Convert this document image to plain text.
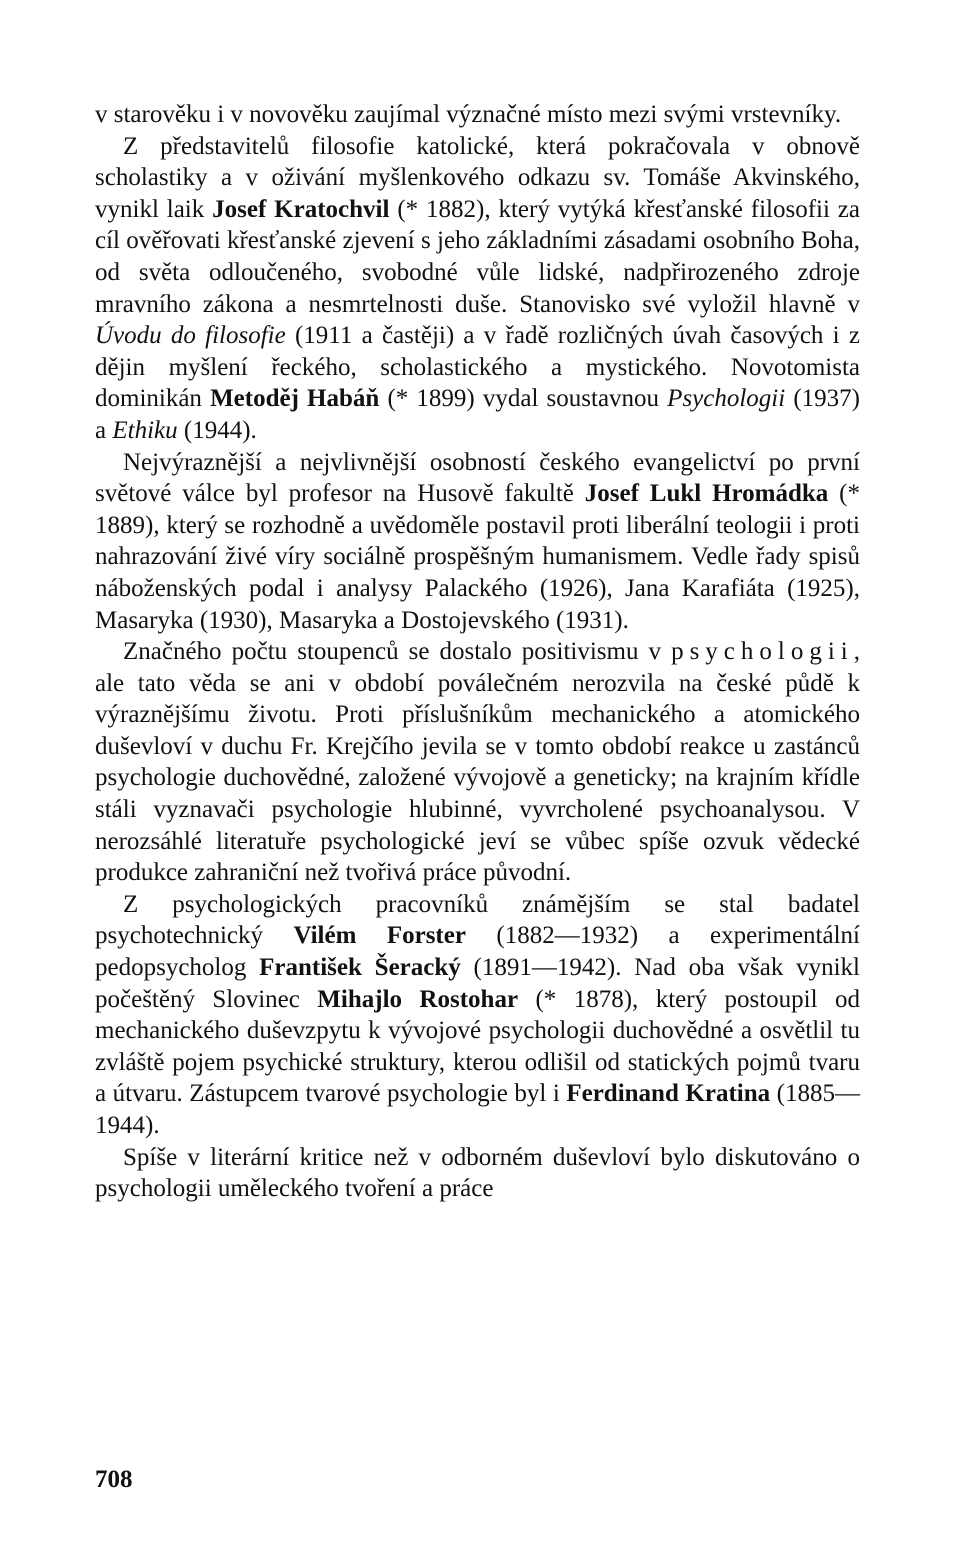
v starověku i v novověku zaujímal význačné místo mezi svými vrstevníky.

Z představitelů filosofie katolické, která pokračovala v obnově scholastiky a v oživání myšlenkového odkazu sv. Tomáše Akvinského, vynikl laik Josef Kratochvil (* 1882), který vytýká křesťanské filosofii za cíl ověřovati křesťanské zjevení s jeho základními zásadami osobního Boha, od světa odloučeného, svobodné vůle lidské, nadpřirozeného zdroje mravního zákona a nesmrtelnosti duše. Stanovisko své vyložil hlavně v Úvodu do filosofie (1911 a častěji) a v řadě rozličných úvah časových i z dějin myšlení řeckého, scholastického a mystického. Novotomista dominikán Metoděj Habáň (* 1899) vydal soustavnou Psychologii (1937) a Ethiku (1944).

Nejvýraznější a nejvlivnější osobností českého evangelictví po první světové válce byl profesor na Husově fakultě Josef Lukl Hromádka (* 1889), který se rozhodně a uvědoměle postavil proti liberální teologii i proti nahrazování živé víry sociálně prospěšným humanismem. Vedle řady spisů náboženských podal i analysy Palackého (1926), Jana Karafiáta (1925), Masaryka (1930), Masaryka a Dostojevského (1931).

Značného počtu stoupenců se dostalo positivismu v psychologii, ale tato věda se ani v období poválečném nerozvila na české půdě k výraznějšímu životu. Proti příslušníkům mechanického a atomického duševloví v duchu Fr. Krejčího jevila se v tomto období reakce u zastánců psychologie duchovědné, založené vývojově a geneticky; na krajním křídle stáli vyznavači psychologie hlubinné, vyvrcholené psychoanalysou. V nerozsáhlé literatuře psychologické jeví se vůbec spíše ozvuk vědecké produkce zahraniční než tvořivá práce původní.

Z psychologických pracovníků známějším se stal badatel psychotechnický Vilém Forster (1882—1932) a experimentální pedopsycholog František Šeracký (1891—1942). Nad oba však vynikl počeštěný Slovinec Mihajlo Rostohar (* 1878), který postoupil od mechanického duševzpytu k vývojové psychologii duchovědné a osvětlil tu zvláště pojem psychické struktury, kterou odlišil od statických pojmů tvaru a útvaru. Zástupcem tvarové psychologie byl i Ferdinand Kratina (1885—1944).

Spíše v literární kritice než v odborném duševloví bylo diskutováno o psychologii uměleckého tvoření a práce

708
